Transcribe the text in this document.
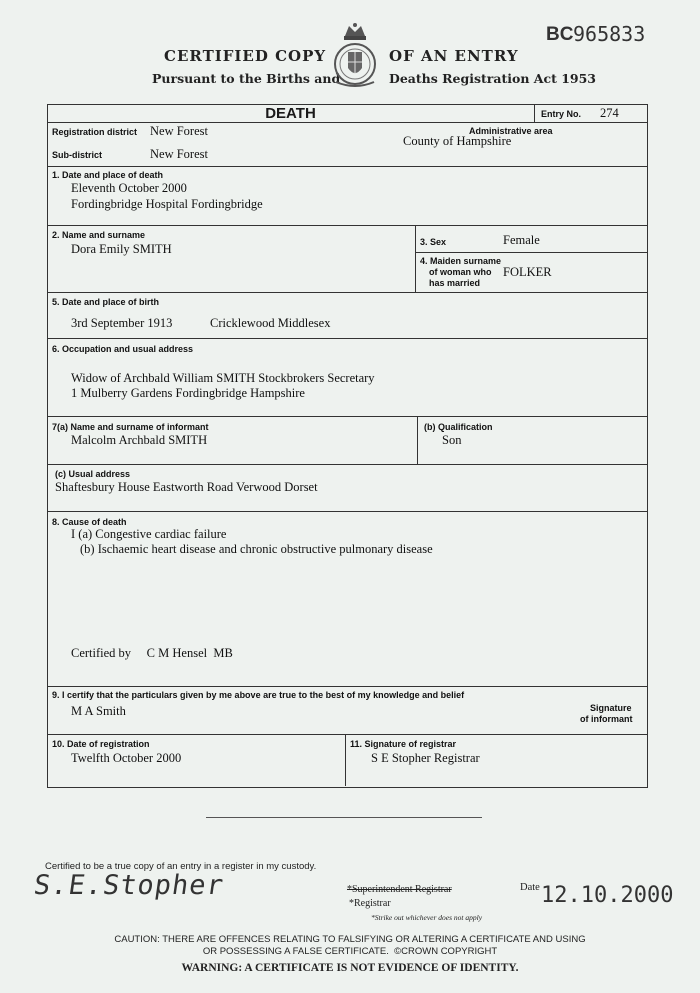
CERTIFIED COPY
Pursuant to the Births and
OF AN ENTRY
Deaths Registration Act 1953
BC 965833
DEATH	Entry No. 274
Registration district New Forest	Administrative area
County of Hampshire
Sub-district	New Forest
1. Date and place of death
Eleventh October 2000
Fordingbridge Hospital Fordingbridge
2. Name and surname
Dora Emily SMITH	3. Sex	Female
4. Maiden surname
of woman who
has married
FOLKER
5. Date and place of birth
3rd September 1913	Cricklewood Middlesex
6. Occupation and usual address
Widow of Archbald William SMITH Stockbrokers Secretary
1 Mulberry Gardens Fordingbridge Hampshire
7(a) Name and surname of informant
Malcolm Archbald SMITH
(b) Qualification
Son
(c) Usual address
Shaftesbury House Eastworth Road Verwood Dorset
8. Cause of death
I (a) Congestive cardiac failure
(b) Ischaemic heart disease and chronic obstructive pulmonary disease
Certified by     C M Hensel  MB
9. I certify that the particulars given by me above are true to the best of my knowledge and belief
M A Smith	Signature
of informant
10. Date of registration
Twelfth October 2000
11. Signature of registrar
S E Stopher Registrar
Certified to be a true copy of an entry in a register in my custody.
S.E.Stopher	*Superintendent Registrar
*Registrar
*Strike out whichever does not apply
Date 12.10.2000
CAUTION: THERE ARE OFFENCES RELATING TO FALSIFYING OR ALTERING A CERTIFICATE AND USING
OR POSSESSING A FALSE CERTIFICATE.  ©CROWN COPYRIGHT
WARNING: A CERTIFICATE IS NOT EVIDENCE OF IDENTITY.
